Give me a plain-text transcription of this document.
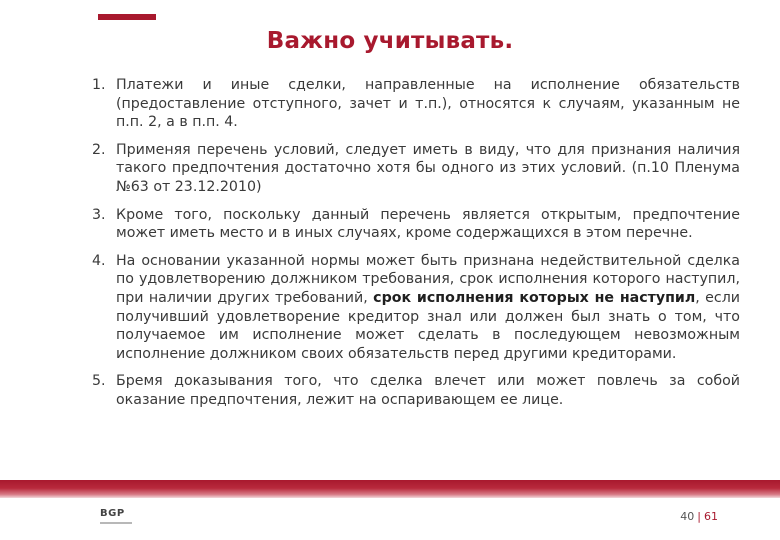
Важно учитывать.
1. Платежи и иные сделки, направленные на исполнение обязательств (предоставление отступного, зачет и т.п.), относятся к случаям, указанным не п.п. 2, а в п.п. 4.
2. Применяя перечень условий, следует иметь в виду, что для признания наличия такого предпочтения достаточно хотя бы одного из этих условий. (п.10 Пленума №63 от 23.12.2010)
3. Кроме того, поскольку данный перечень является открытым, предпочтение может иметь место и в иных случаях, кроме содержащихся в этом перечне.
4. На основании указанной нормы может быть признана недействительной сделка по удовлетворению должником требования, срок исполнения которого наступил, при наличии других требований, срок исполнения которых не наступил, если получивший удовлетворение кредитор знал или должен был знать о том, что получаемое им исполнение может сделать в последующем невозможным исполнение должником своих обязательств перед другими кредиторами.
5. Бремя доказывания того, что сделка влечет или может повлечь за собой оказание предпочтения, лежит на оспаривающем ее лице.
BGP	40 | 61
